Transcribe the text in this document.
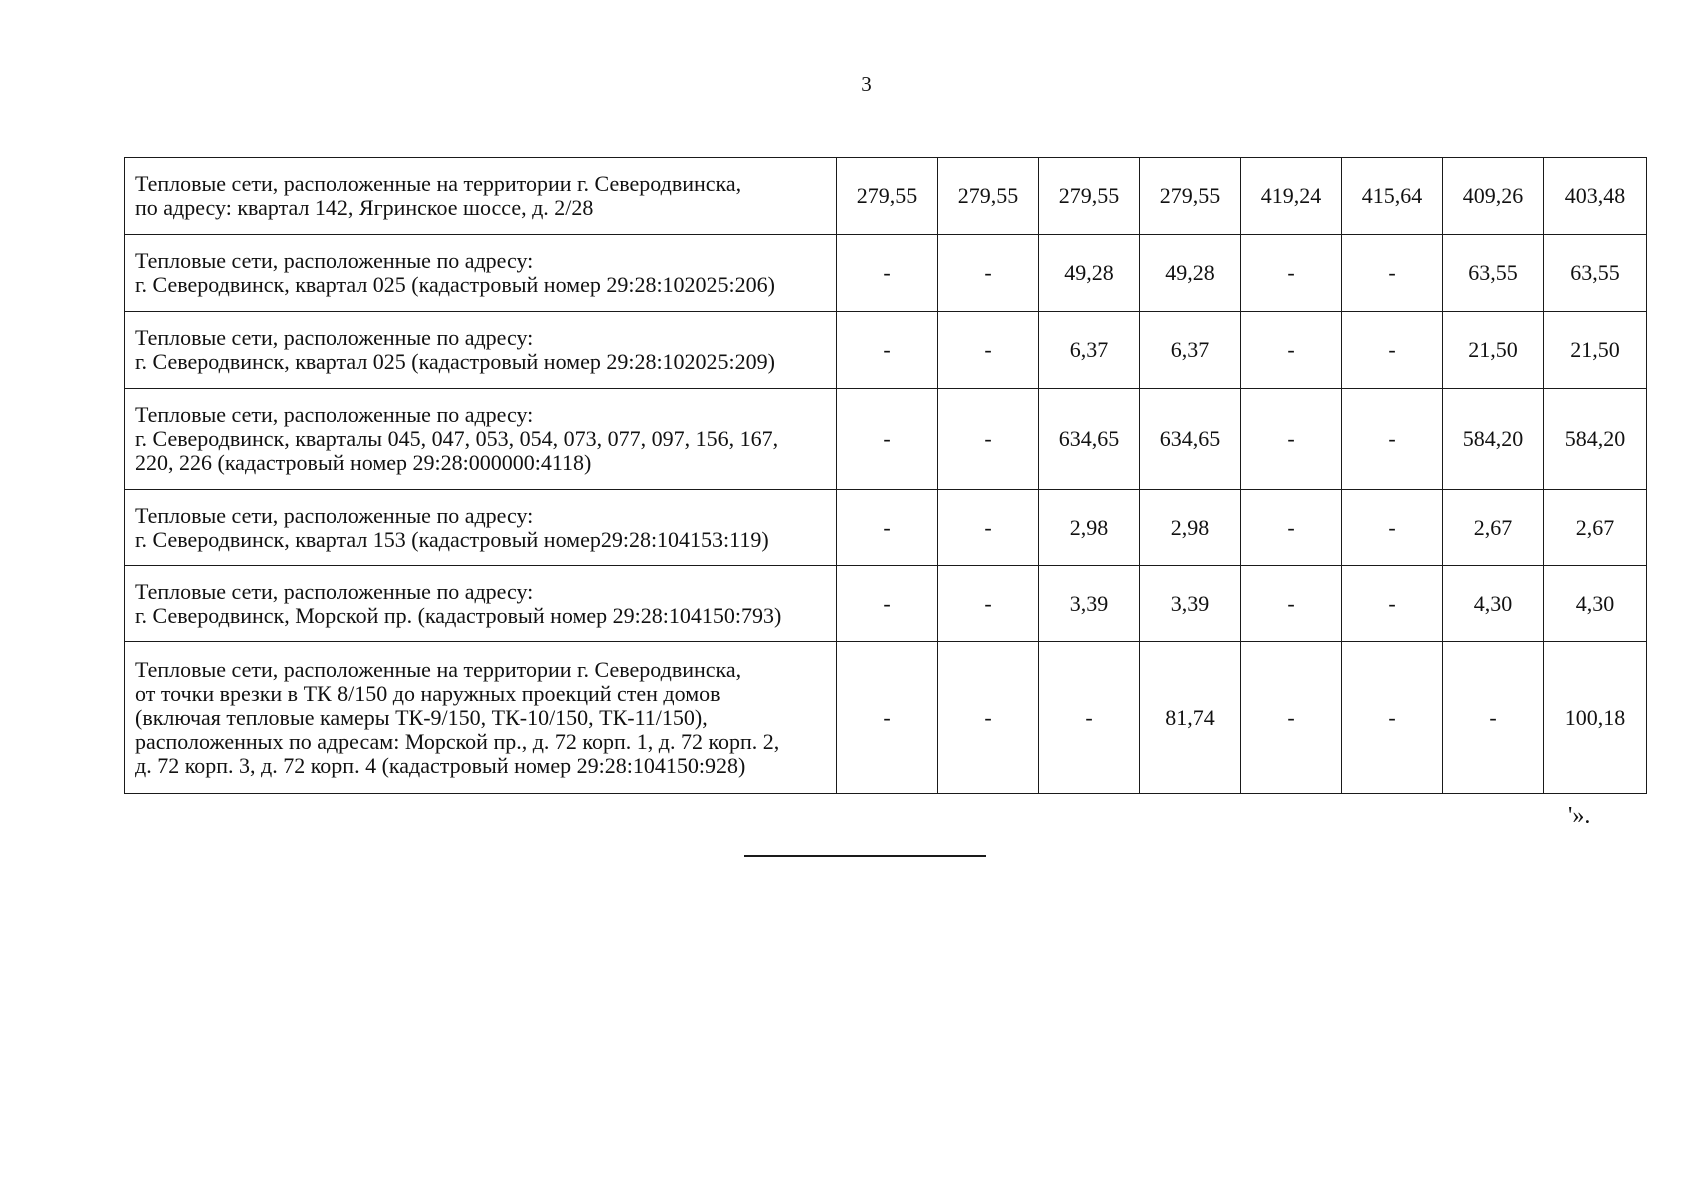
3
Тепловые сети, расположенные на территории г. Северодвинска,
по адресу: квартал 142, Ягринское шоссе, д. 2/28	279,55	279,55	279,55	279,55	419,24	415,64	409,26	403,48

Тепловые сети, расположенные по адресу:
г. Северодвинск, квартал 025 (кадастровый номер 29:28:102025:206)	-	-	49,28	49,28	-	-	63,55	63,55

Тепловые сети, расположенные по адресу:
г. Северодвинск, квартал 025 (кадастровый номер 29:28:102025:209)	-	-	6,37	6,37	-	-	21,50	21,50

Тепловые сети, расположенные по адресу:
г. Северодвинск, кварталы 045, 047, 053, 054, 073, 077, 097, 156, 167,
220, 226 (кадастровый номер 29:28:000000:4118)	-	-	634,65	634,65	-	-	584,20	584,20

Тепловые сети, расположенные по адресу:
г. Северодвинск, квартал 153 (кадастровый номер29:28:104153:119)	-	-	2,98	2,98	-	-	2,67	2,67

Тепловые сети, расположенные по адресу:
г. Северодвинск, Морской пр. (кадастровый номер 29:28:104150:793)	-	-	3,39	3,39	-	-	4,30	4,30

Тепловые сети, расположенные на территории г. Северодвинска,
от точки врезки в ТК 8/150 до наружных проекций стен домов
(включая тепловые камеры ТК-9/150, ТК-10/150, ТК-11/150),
расположенных по адресам: Морской пр., д. 72 корп. 1, д. 72 корп. 2,
д. 72 корп. 3, д. 72 корп. 4 (кадастровый номер 29:28:104150:928)	-	-	-	81,74	-	-	-	100,18
'».
